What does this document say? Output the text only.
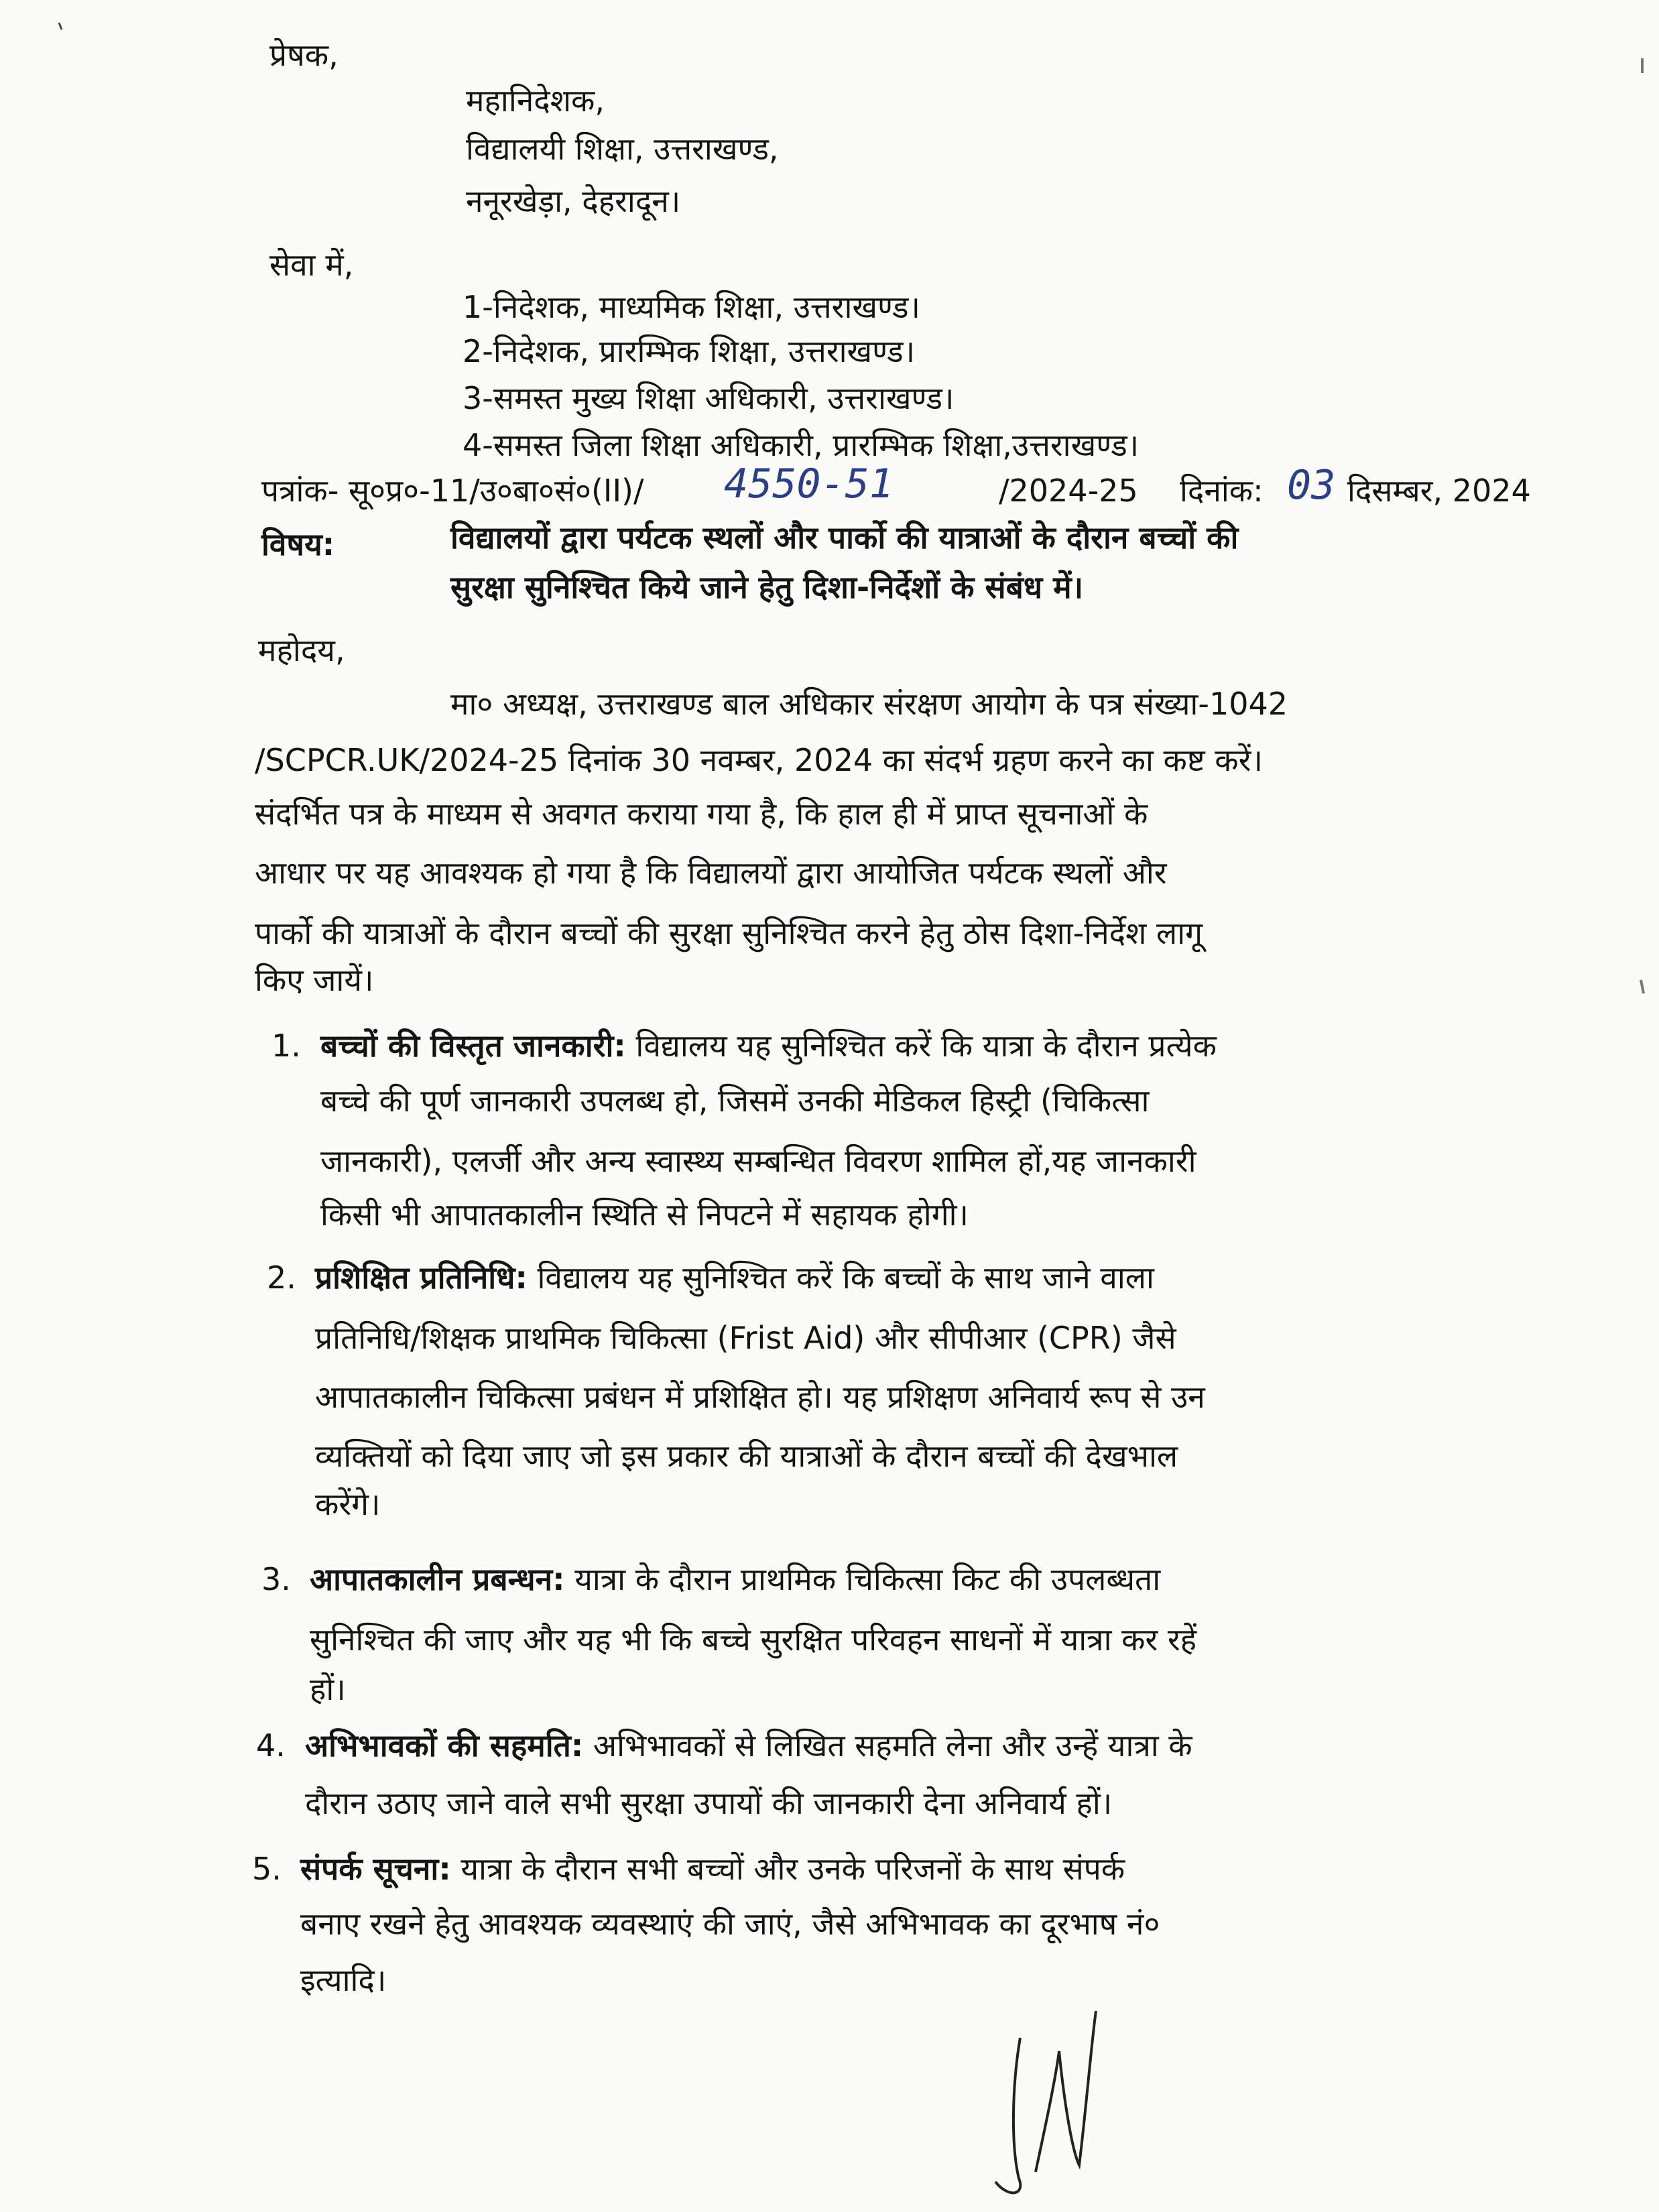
प्रेषक,
महानिदेशक,
विद्यालयी शिक्षा, उत्तराखण्ड,
ननूरखेड़ा, देहरादून।
सेवा में,
1-निदेशक, माध्यमिक शिक्षा, उत्तराखण्ड।
2-निदेशक, प्रारम्भिक शिक्षा, उत्तराखण्ड।
3-समस्त मुख्य शिक्षा अधिकारी, उत्तराखण्ड।
4-समस्त जिला शिक्षा अधिकारी, प्रारम्भिक शिक्षा,उत्तराखण्ड।
पत्रांक- सू०प्र०-11/उ०बा०सं०(II)/ 4550-51	/2024-25 दिनांक: 03 दिसम्बर, 2024
विषय:	विद्यालयों द्वारा पर्यटक स्थलों और पार्को की यात्राओं के दौरान बच्चों की
सुरक्षा सुनिश्चित किये जाने हेतु दिशा-निर्देशों के संबंध में।
महोदय,
मा० अध्यक्ष, उत्तराखण्ड बाल अधिकार संरक्षण आयोग के पत्र संख्या-1042
/SCPCR.UK/2024-25 दिनांक 30 नवम्बर, 2024 का संदर्भ ग्रहण करने का कष्ट करें।
संदर्भित पत्र के माध्यम से अवगत कराया गया है, कि हाल ही में प्राप्त सूचनाओं के
आधार पर यह आवश्यक हो गया है कि विद्यालयों द्वारा आयोजित पर्यटक स्थलों और
पार्को की यात्राओं के दौरान बच्चों की सुरक्षा सुनिश्चित करने हेतु ठोस दिशा-निर्देश लागू
किए जायें।
1. बच्चों की विस्तृत जानकारी: विद्यालय यह सुनिश्चित करें कि यात्रा के दौरान प्रत्येक
बच्चे की पूर्ण जानकारी उपलब्ध हो, जिसमें उनकी मेडिकल हिस्ट्री (चिकित्सा
जानकारी), एलर्जी और अन्य स्वास्थ्य सम्बन्धित विवरण शामिल हों,यह जानकारी
किसी भी आपातकालीन स्थिति से निपटने में सहायक होगी।
2. प्रशिक्षित प्रतिनिधि: विद्यालय यह सुनिश्चित करें कि बच्चों के साथ जाने वाला
प्रतिनिधि/शिक्षक प्राथमिक चिकित्सा (Frist Aid) और सीपीआर (CPR) जैसे
आपातकालीन चिकित्सा प्रबंधन में प्रशिक्षित हो। यह प्रशिक्षण अनिवार्य रूप से उन
व्यक्तियों को दिया जाए जो इस प्रकार की यात्राओं के दौरान बच्चों की देखभाल
करेंगे।
3. आपातकालीन प्रबन्धन: यात्रा के दौरान प्राथमिक चिकित्सा किट की उपलब्धता
सुनिश्चित की जाए और यह भी कि बच्चे सुरक्षित परिवहन साधनों में यात्रा कर रहें
हों।
4. अभिभावकों की सहमति: अभिभावकों से लिखित सहमति लेना और उन्हें यात्रा के
दौरान उठाए जाने वाले सभी सुरक्षा उपायों की जानकारी देना अनिवार्य हों।
5. संपर्क सूचना: यात्रा के दौरान सभी बच्चों और उनके परिजनों के साथ संपर्क
बनाए रखने हेतु आवश्यक व्यवस्थाएं की जाएं, जैसे अभिभावक का दूरभाष नं०
इत्यादि।
